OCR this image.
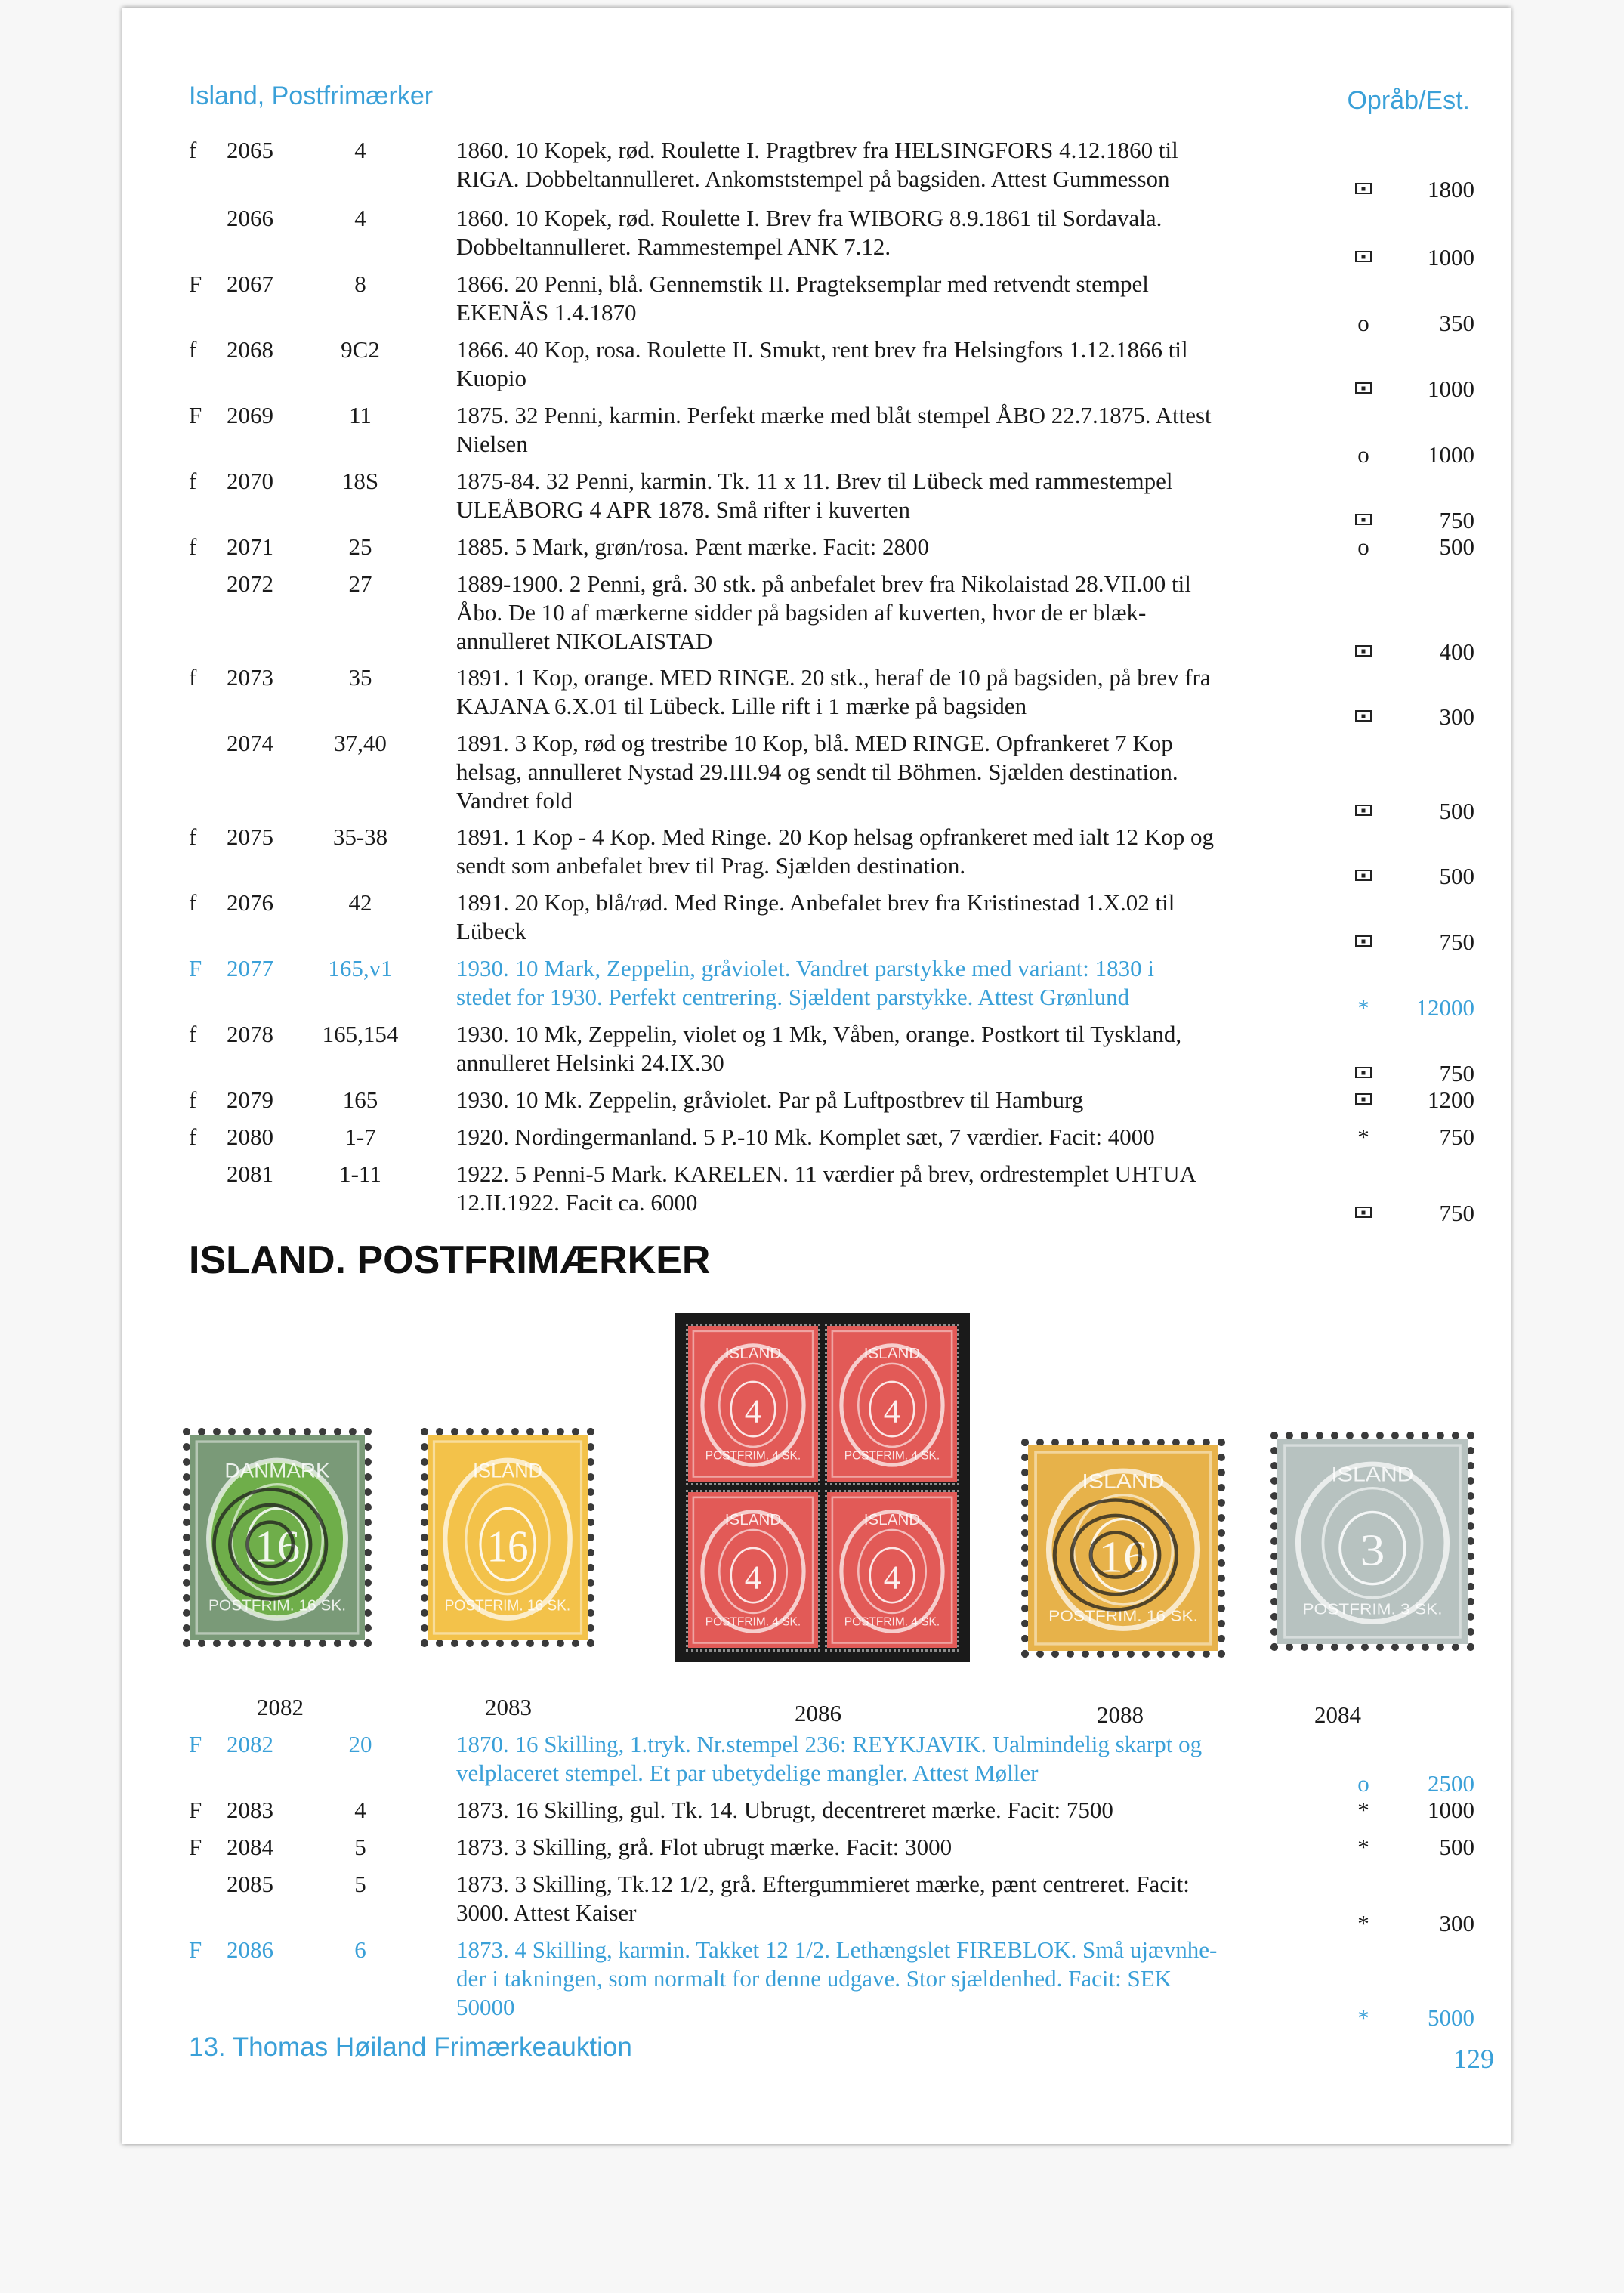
Island, Postfrimærker	Opråb/Est.
f 2065	4	1860. 10 Kopek, rød. Roulette I. Pragtbrev fra HELSINGFORS 4.12.1860 til
RIGA. Dobbeltannulleret. Ankomststempel på bagsiden. Attest Gummesson	1800
2066	4	1860. 10 Kopek, rød. Roulette I. Brev fra WIBORG 8.9.1861 til Sordavala.
Dobbeltannulleret. Rammestempel ANK 7.12.	1000
F 2067	8	1866. 20 Penni, blå. Gennemstik II. Pragteksemplar med retvendt stempel
EKENÄS 1.4.1870	o	350
f 2068	9C2	1866. 40 Kop, rosa. Roulette II. Smukt, rent brev fra Helsingfors 1.12.1866 til
Kuopio	1000
F 2069	11	1875. 32 Penni, karmin. Perfekt mærke med blåt stempel ÅBO 22.7.1875. Attest
Nielsen	o	1000
f 2070	18S	1875-84. 32 Penni, karmin. Tk. 11 x 11. Brev til Lübeck med rammestempel
ULEÅBORG 4 APR 1878. Små rifter i kuverten	750
f 2071	25	1885. 5 Mark, grøn/rosa. Pænt mærke. Facit: 2800	o	500
2072	27	1889-1900. 2 Penni, grå. 30 stk. på anbefalet brev fra Nikolaistad 28.VII.00 til
Åbo. De 10 af mærkerne sidder på bagsiden af kuverten, hvor de er blæk-
annulleret NIKOLAISTAD	400
f 2073	35	1891. 1 Kop, orange. MED RINGE. 20 stk., heraf de 10 på bagsiden, på brev fra
KAJANA 6.X.01 til Lübeck. Lille rift i 1 mærke på bagsiden	300
2074	37,40	1891. 3 Kop, rød og trestribe 10 Kop, blå. MED RINGE. Opfrankeret 7 Kop
helsag, annulleret Nystad 29.III.94 og sendt til Böhmen. Sjælden destination.
Vandret fold	500
f 2075	35-38	1891. 1 Kop - 4 Kop. Med Ringe. 20 Kop helsag opfrankeret med ialt 12 Kop og
sendt som anbefalet brev til Prag. Sjælden destination.	500
f 2076	42	1891. 20 Kop, blå/rød. Med Ringe. Anbefalet brev fra Kristinestad 1.X.02 til
Lübeck	750
F 2077	165,v1	1930. 10 Mark, Zeppelin, gråviolet. Vandret parstykke med variant: 1830 i
stedet for 1930. Perfekt centrering. Sjældent parstykke. Attest Grønlund	*	12000
f 2078	165,154	1930. 10 Mk, Zeppelin, violet og 1 Mk, Våben, orange. Postkort til Tyskland,
annulleret Helsinki 24.IX.30	750
f 2079	165	1930. 10 Mk. Zeppelin, gråviolet. Par på Luftpostbrev til Hamburg	1200
f 2080	1-7	1920. Nordingermanland. 5 P.-10 Mk. Komplet sæt, 7 værdier. Facit: 4000	*	750
2081	1-11	1922. 5 Penni-5 Mark. KARELEN. 11 værdier på brev, ordrestemplet UHTUA
12.II.1922. Facit ca. 6000	750
ISLAND. POSTFRIMÆRKER
16
DANMARK
POSTFRIM. 16 SK.
2082
16
ISLAND
POSTFRIM. 16 SK.
2083
4
ISLAND
POSTFRIM. 4 SK.
4
ISLAND
POSTFRIM. 4 SK.
4
ISLAND
POSTFRIM. 4 SK.
4
ISLAND
POSTFRIM. 4 SK.
2086
16
ISLAND
POSTFRIM. 16 SK.
2088
3
ISLAND
POSTFRIM. 3 SK.
2084
F 2082	20	1870. 16 Skilling, 1.tryk. Nr.stempel 236: REYKJAVIK. Ualmindelig skarpt og
velplaceret stempel. Et par ubetydelige mangler. Attest Møller	o	2500
F 2083	4	1873. 16 Skilling, gul. Tk. 14. Ubrugt, decentreret mærke. Facit: 7500	*	1000
F 2084	5	1873. 3 Skilling, grå. Flot ubrugt mærke. Facit: 3000	*	500
2085	5	1873. 3 Skilling, Tk.12 1/2, grå. Eftergummieret mærke, pænt centreret. Facit:
3000. Attest Kaiser	*	300
F 2086	6	1873. 4 Skilling, karmin. Takket 12 1/2. Lethængslet FIREBLOK. Små ujævnhe-
der i takningen, som normalt for denne udgave. Stor sjældenhed. Facit: SEK
50000	*	5000
13. Thomas Høiland Frimærkeauktion	129
